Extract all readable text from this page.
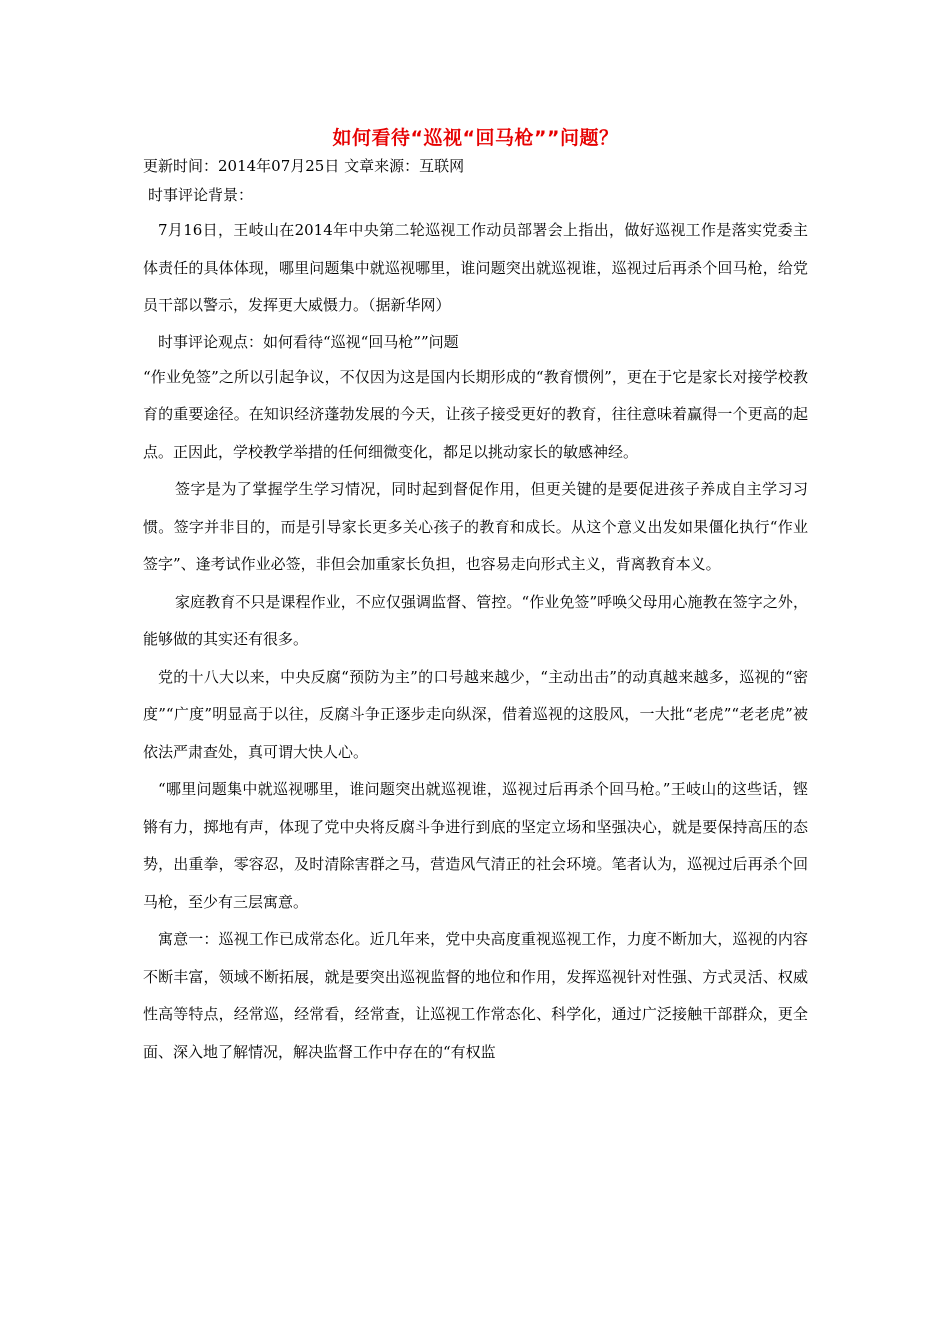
如何看待“巡视“回马枪””问题？

更新时间：2014年07月25日 文章来源：互联网

时事评论背景：

7月16日，王岐山在2014年中央第二轮巡视工作动员部署会上指出，做好巡视工作是落实党委主体责任的具体体现，哪里问题集中就巡视哪里，谁问题突出就巡视谁，巡视过后再杀个回马枪，给党员干部以警示，发挥更大威慑力。（据新华网）

时事评论观点：如何看待“巡视“回马枪””问题

“作业免签”之所以引起争议，不仅因为这是国内长期形成的“教育惯例”，更在于它是家长对接学校教育的重要途径。在知识经济蓬勃发展的今天，让孩子接受更好的教育，往往意味着赢得一个更高的起点。正因此，学校教学举措的任何细微变化，都足以挑动家长的敏感神经。

签字是为了掌握学生学习情况，同时起到督促作用，但更关键的是要促进孩子养成自主学习习惯。签字并非目的，而是引导家长更多关心孩子的教育和成长。从这个意义出发如果僵化执行“作业签字”、逢考试作业必签，非但会加重家长负担，也容易走向形式主义，背离教育本义。

家庭教育不只是课程作业，不应仅强调监督、管控。“作业免签”呼唤父母用心施教在签字之外，能够做的其实还有很多。

党的十八大以来，中央反腐“预防为主”的口号越来越少，“主动出击”的动真越来越多，巡视的“密度”“广度”明显高于以往，反腐斗争正逐步走向纵深，借着巡视的这股风，一大批“老虎”“老老虎”被依法严肃查处，真可谓大快人心。

“哪里问题集中就巡视哪里，谁问题突出就巡视谁，巡视过后再杀个回马枪。”王岐山的这些话，铿锵有力，掷地有声，体现了党中央将反腐斗争进行到底的坚定立场和坚强决心，就是要保持高压的态势，出重拳，零容忍，及时清除害群之马，营造风气清正的社会环境。笔者认为，巡视过后再杀个回马枪，至少有三层寓意。

寓意一：巡视工作已成常态化。近几年来，党中央高度重视巡视工作，力度不断加大，巡视的内容不断丰富，领域不断拓展，就是要突出巡视监督的地位和作用，发挥巡视针对性强、方式灵活、权威性高等特点，经常巡，经常看，经常查，让巡视工作常态化、科学化，通过广泛接触干部群众，更全面、深入地了解情况，解决监督工作中存在的“有权监
